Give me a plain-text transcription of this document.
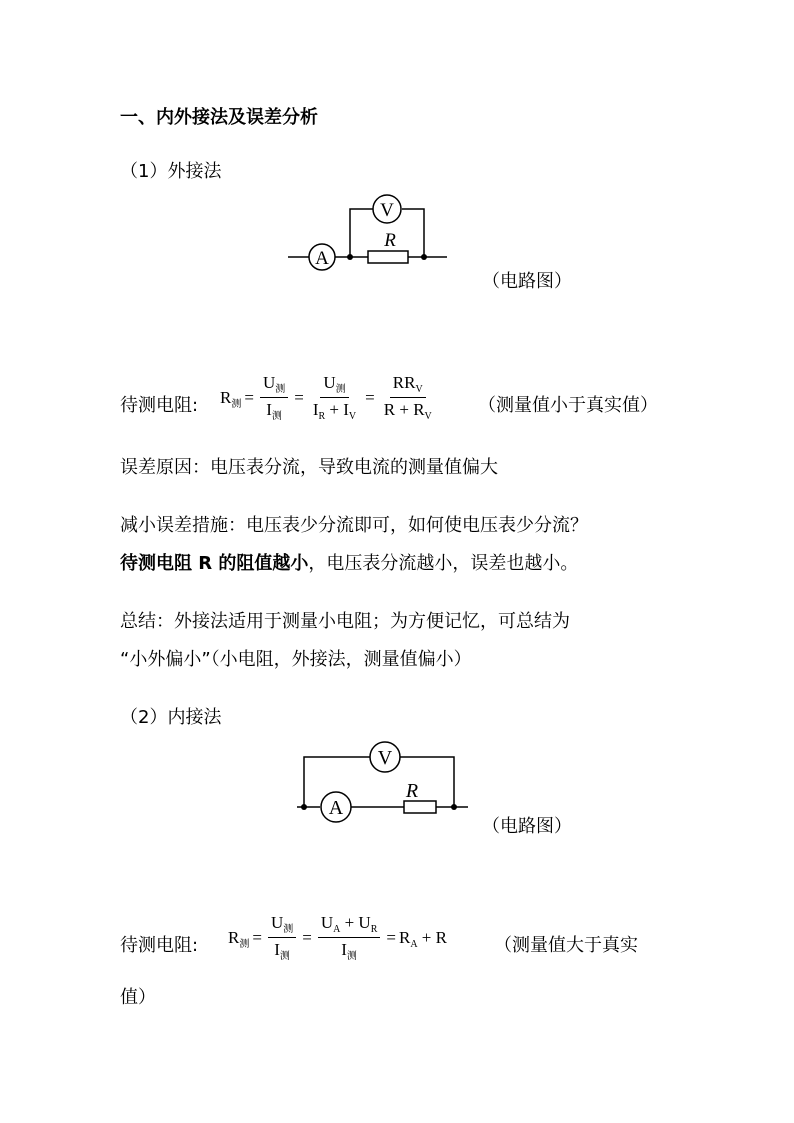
一、内外接法及误差分析
（1）外接法
A
R
V
（电路图）
待测电阻: $R_测 = \frac{U_测}{I_测} = \frac{U_测}{I_R + I_V} = \frac{RR_V}{R + R_V}$ （测量值小于真实值）
误差原因：电压表分流，导致电流的测量值偏大
减小误差措施：电压表少分流即可，如何使电压表少分流？
待测电阻 R 的阻值越小，电压表分流越小，误差也越小。
总结：外接法适用于测量小电阻；为方便记忆，可总结为
“小外偏小”（小电阻，外接法，测量值偏小）
（2）内接法
A
R
V
（电路图）
待测电阻: $R_测 = \frac{U_测}{I_测} = \frac{U_A + U_R}{I_测} = R_A + R$	（测量值大于真实
值）
